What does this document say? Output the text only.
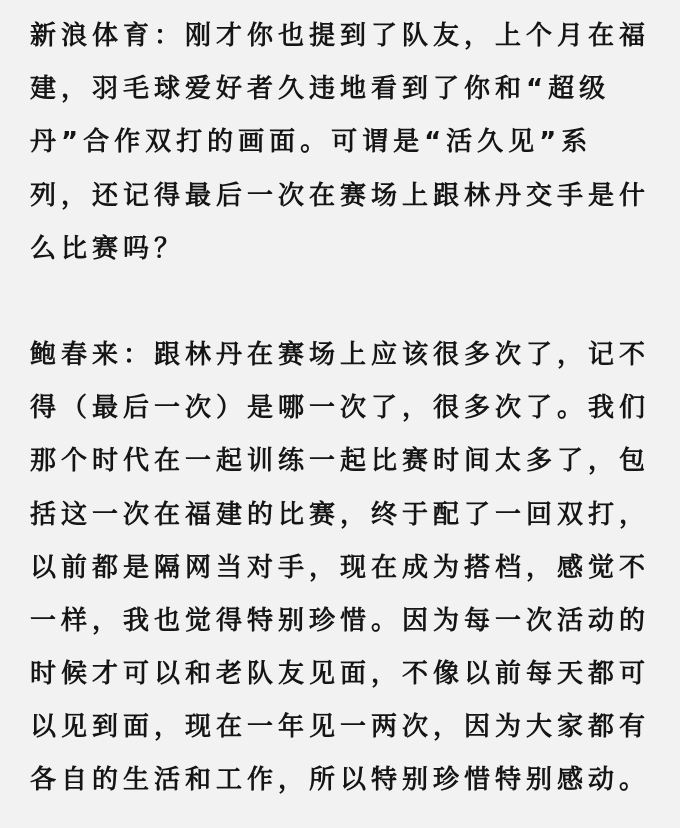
新浪体育：刚才你也提到了队友，上个月在福
建，羽毛球爱好者久违地看到了你和“超级
丹”合作双打的画面。可谓是“活久见”系
列，还记得最后一次在赛场上跟林丹交手是什
么比赛吗？

鲍春来：跟林丹在赛场上应该很多次了，记不
得（最后一次）是哪一次了，很多次了。我们
那个时代在一起训练一起比赛时间太多了，包
括这一次在福建的比赛，终于配了一回双打，
以前都是隔网当对手，现在成为搭档，感觉不
一样，我也觉得特别珍惜。因为每一次活动的
时候才可以和老队友见面，不像以前每天都可
以见到面，现在一年见一两次，因为大家都有
各自的生活和工作，所以特别珍惜特别感动。
